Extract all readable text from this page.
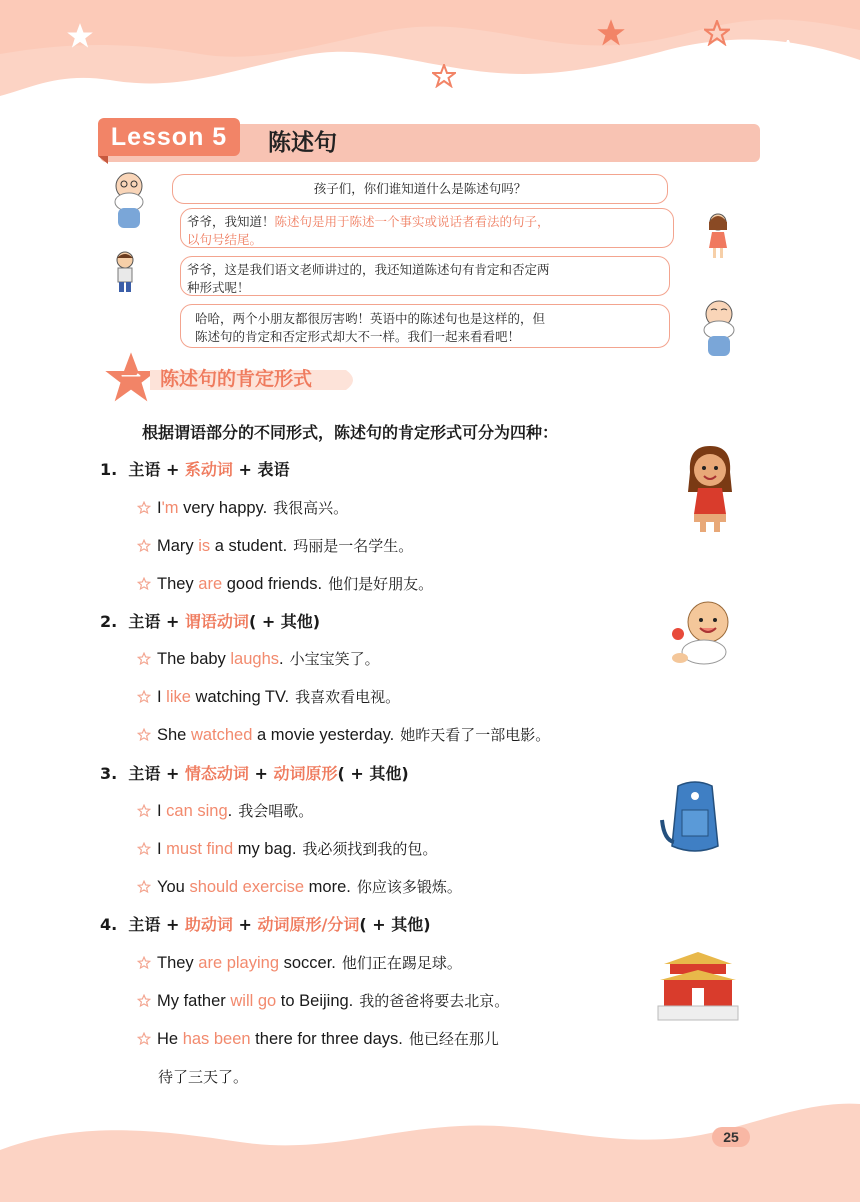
Lesson 5	陈述句
孩子们，你们谁知道什么是陈述句吗？
爷爷，我知道！陈述句是用于陈述一个事实或说话者看法的句子，
以句号结尾。
爷爷，这是我们语文老师讲过的，我还知道陈述句有肯定和否定两
种形式呢！
哈哈，两个小朋友都很厉害哟！英语中的陈述句也是这样的，但
陈述句的肯定和否定形式却大不一样。我们一起来看看吧！
一	陈述句的肯定形式
根据谓语部分的不同形式，陈述句的肯定形式可分为四种：
1. 主语 + 系动词 + 表语
2. 主语 + 谓语动词( + 其他)
3. 主语 + 情态动词 + 动词原形( + 其他)
4. 主语 + 助动词 + 动词原形/分词( + 其他)
I'm very happy. 我很高兴。
Mary is a student. 玛丽是一名学生。
They are good friends. 他们是好朋友。
The baby laughs. 小宝宝笑了。
I like watching TV. 我喜欢看电视。
She watched a movie yesterday. 她昨天看了一部电影。
I can sing. 我会唱歌。
I must find my bag. 我必须找到我的包。
You should exercise more. 你应该多锻炼。
They are playing soccer. 他们正在踢足球。
My father will go to Beijing. 我的爸爸将要去北京。
He has been there for three days. 他已经在那儿
待了三天了。
25
